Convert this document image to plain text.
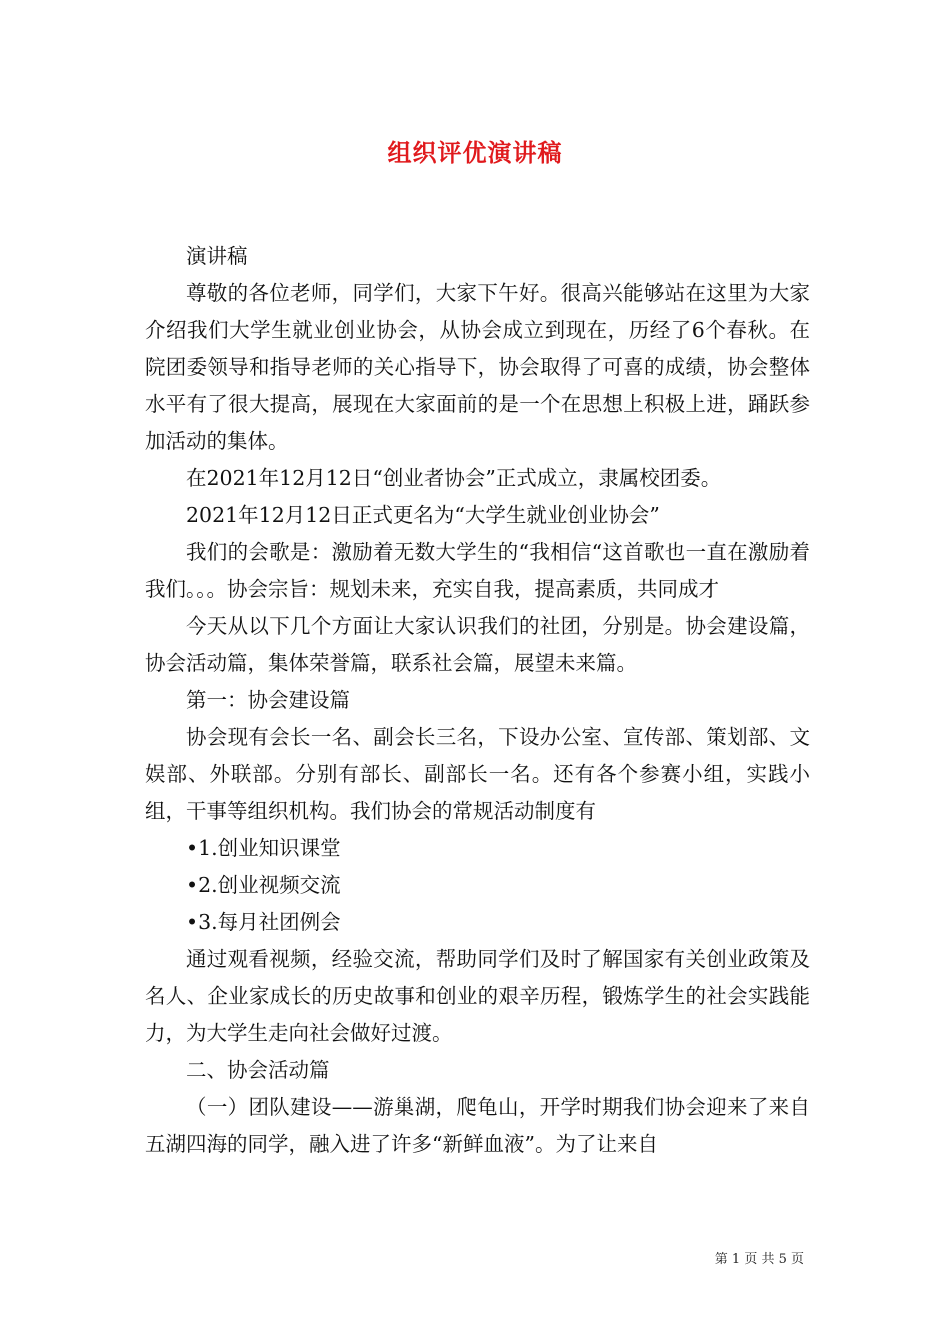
组织评优演讲稿

演讲稿

尊敬的各位老师，同学们，大家下午好。很高兴能够站在这里为大家介绍我们大学生就业创业协会，从协会成立到现在，历经了6个春秋。在院团委领导和指导老师的关心指导下，协会取得了可喜的成绩，协会整体水平有了很大提高，展现在大家面前的是一个在思想上积极上进，踊跃参加活动的集体。

在2021年12月12日“创业者协会”正式成立，隶属校团委。

2021年12月12日正式更名为“大学生就业创业协会”

我们的会歌是：激励着无数大学生的“我相信“这首歌也一直在激励着我们。。。协会宗旨：规划未来，充实自我，提高素质，共同成才

今天从以下几个方面让大家认识我们的社团，分别是。协会建设篇，协会活动篇，集体荣誉篇，联系社会篇，展望未来篇。

第一：协会建设篇

协会现有会长一名、副会长三名，下设办公室、宣传部、策划部、文娱部、外联部。分别有部长、副部长一名。还有各个参赛小组，实践小组，干事等组织机构。我们协会的常规活动制度有

•1.创业知识课堂

•2.创业视频交流

•3.每月社团例会

通过观看视频，经验交流，帮助同学们及时了解国家有关创业政策及名人、企业家成长的历史故事和创业的艰辛历程，锻炼学生的社会实践能力，为大学生走向社会做好过渡。

二、协会活动篇

（一）团队建设——游巢湖，爬龟山，开学时期我们协会迎来了来自五湖四海的同学，融入进了许多“新鲜血液”。为了让来自

第 1 页 共 5 页
